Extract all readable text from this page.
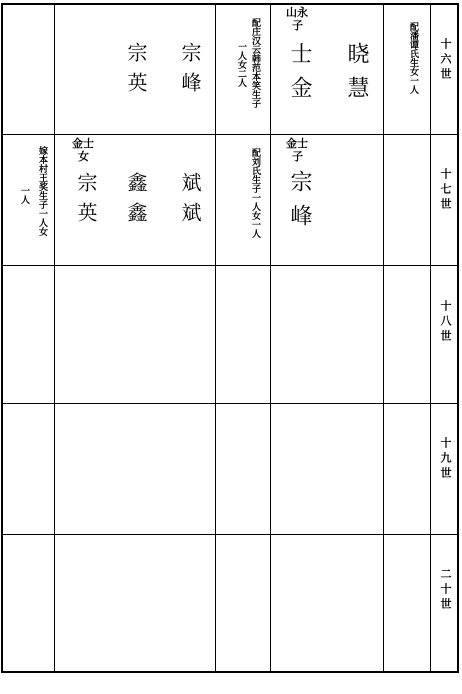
十六世
十七世
十八世
十九世
二十世
配潘谭氏生女一人
山永
子
晓慧
士金
配庄汉云韩范本笑生子
一人女二人
宗峰
宗英
金士
子
宗峰
配刘氏生子一人女一人
金士
女
斌斌
鑫鑫
宗英
嫁本村王奖生子一人女
一人
